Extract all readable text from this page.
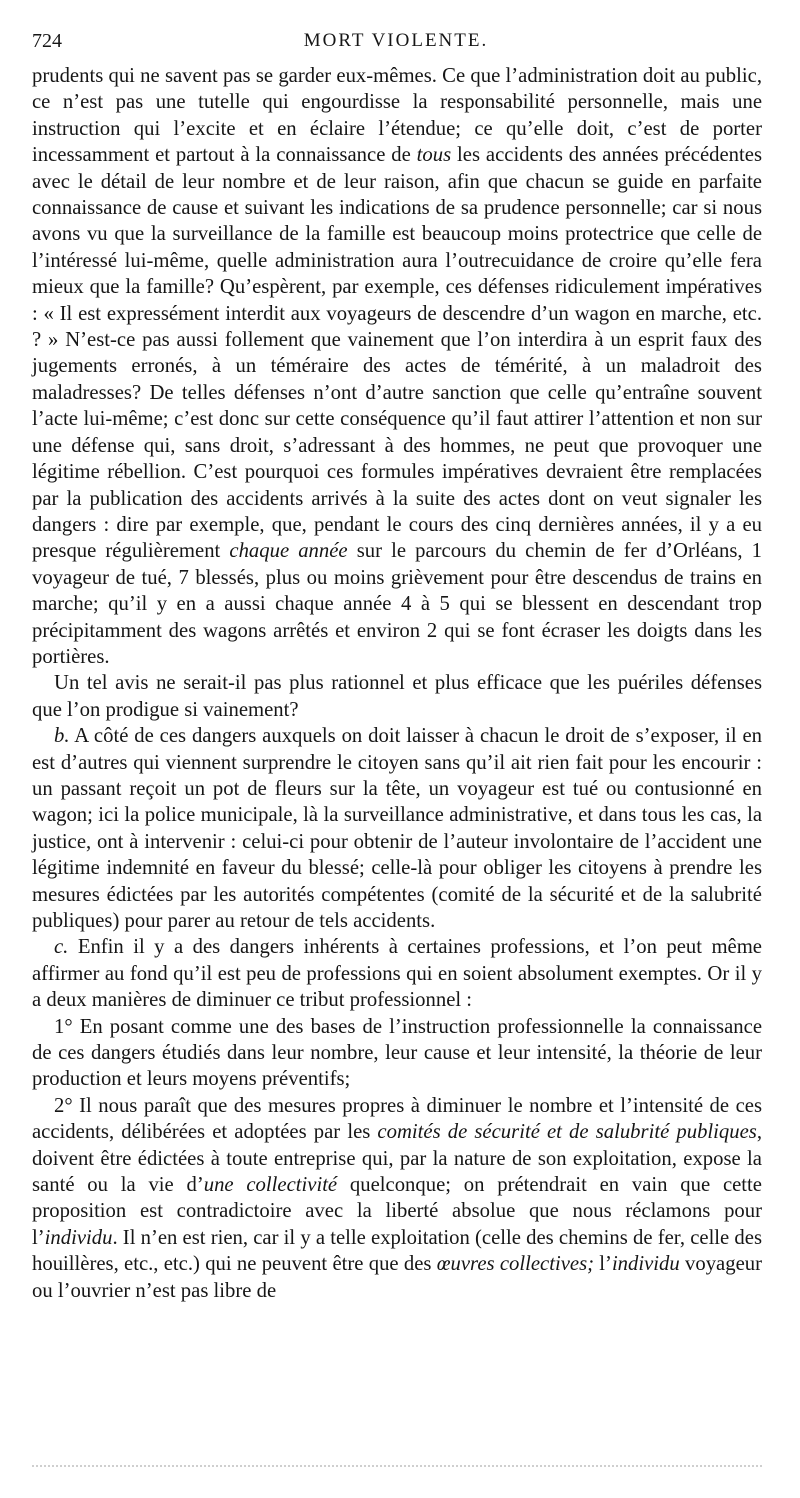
724	MORT VIOLENTE.

prudents qui ne savent pas se garder eux-mêmes. Ce que l’administration doit au public, ce n’est pas une tutelle qui engourdisse la responsabilité personnelle, mais une instruction qui l’excite et en éclaire l’étendue; ce qu’elle doit, c’est de porter incessamment et partout à la connaissance de tous les accidents des années précédentes avec le détail de leur nombre et de leur raison, afin que chacun se guide en parfaite connaissance de cause et suivant les indications de sa prudence personnelle; car si nous avons vu que la surveillance de la famille est beaucoup moins protectrice que celle de l’intéressé lui-même, quelle administration aura l’outrecuidance de croire qu’elle fera mieux que la famille? Qu’espèrent, par exemple, ces défenses ridiculement impératives : « Il est expressément interdit aux voyageurs de descendre d’un wagon en marche, etc. ? » N’est-ce pas aussi follement que vainement que l’on interdira à un esprit faux des jugements erronés, à un téméraire des actes de témérité, à un maladroit des maladresses? De telles défenses n’ont d’autre sanction que celle qu’entraîne souvent l’acte lui-même; c’est donc sur cette conséquence qu’il faut attirer l’attention et non sur une défense qui, sans droit, s’adressant à des hommes, ne peut que provoquer une légitime rébellion. C’est pourquoi ces formules impératives devraient être remplacées par la publication des accidents arrivés à la suite des actes dont on veut signaler les dangers : dire par exemple, que, pendant le cours des cinq dernières années, il y a eu presque régulièrement chaque année sur le parcours du chemin de fer d’Orléans, 1 voyageur de tué, 7 blessés, plus ou moins grièvement pour être descendus de trains en marche; qu’il y en a aussi chaque année 4 à 5 qui se blessent en descendant trop précipitamment des wagons arrêtés et environ 2 qui se font écraser les doigts dans les portières.

Un tel avis ne serait-il pas plus rationnel et plus efficace que les puériles défenses que l’on prodigue si vainement?

b. A côté de ces dangers auxquels on doit laisser à chacun le droit de s’exposer, il en est d’autres qui viennent surprendre le citoyen sans qu’il ait rien fait pour les encourir : un passant reçoit un pot de fleurs sur la tête, un voyageur est tué ou contusionné en wagon; ici la police municipale, là la surveillance administrative, et dans tous les cas, la justice, ont à intervenir : celui-ci pour obtenir de l’auteur involontaire de l’accident une légitime indemnité en faveur du blessé; celle-là pour obliger les citoyens à prendre les mesures édictées par les autorités compétentes (comité de la sécurité et de la salubrité publiques) pour parer au retour de tels accidents.

c. Enfin il y a des dangers inhérents à certaines professions, et l’on peut même affirmer au fond qu’il est peu de professions qui en soient absolument exemptes. Or il y a deux manières de diminuer ce tribut professionnel :

1° En posant comme une des bases de l’instruction professionnelle la connaissance de ces dangers étudiés dans leur nombre, leur cause et leur intensité, la théorie de leur production et leurs moyens préventifs;

2° Il nous paraît que des mesures propres à diminuer le nombre et l’intensité de ces accidents, délibérées et adoptées par les comités de sécurité et de salubrité publiques, doivent être édictées à toute entreprise qui, par la nature de son exploitation, expose la santé ou la vie d’une collectivité quelconque; on prétendrait en vain que cette proposition est contradictoire avec la liberté absolue que nous réclamons pour l’individu. Il n’en est rien, car il y a telle exploitation (celle des chemins de fer, celle des houillères, etc., etc.) qui ne peuvent être que des œuvres collectives; l’individu voyageur ou l’ouvrier n’est pas libre de
